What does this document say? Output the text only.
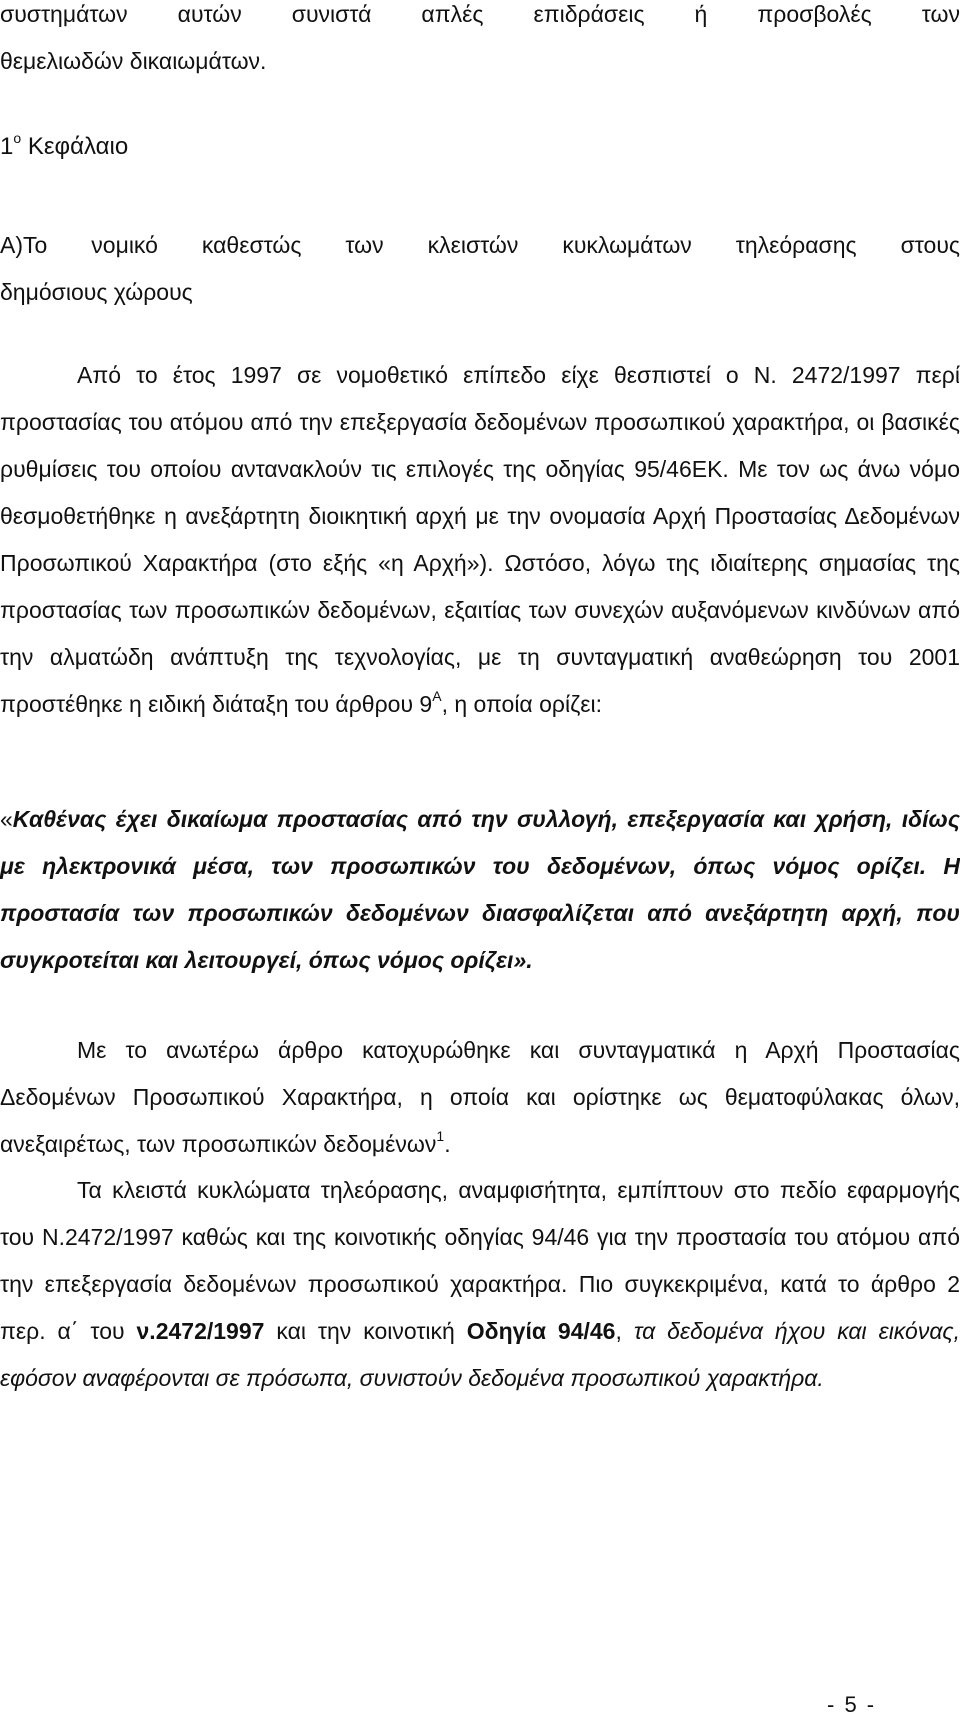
συστημάτων αυτών συνιστά απλές επιδράσεις ή προσβολές των

θεμελιωδών δικαιωμάτων.

$1^o$ Κεφάλαιο

Α)Το νομικό καθεστώς των κλειστών κυκλωμάτων τηλεόρασης στους

δημόσιους χώρους

Από το έτος 1997 σε νομοθετικό επίπεδο είχε θεσπιστεί ο Ν. 2472/1997 περί προστασίας του ατόμου από την επεξεργασία δεδομένων προσωπικού χαρακτήρα, οι βασικές ρυθμίσεις του οποίου αντανακλούν τις επιλογές της οδηγίας 95/46ΕΚ. Με τον ως άνω νόμο θεσμοθετήθηκε η ανεξάρτητη διοικητική αρχή με την ονομασία Αρχή Προστασίας Δεδομένων Προσωπικού Χαρακτήρα (στο εξής «η Αρχή»). Ωστόσο, λόγω της ιδιαίτερης σημασίας της προστασίας των προσωπικών δεδομένων, εξαιτίας των συνεχών αυξανόμενων κινδύνων από την αλματώδη ανάπτυξη της τεχνολογίας, με τη συνταγματική αναθεώρηση του 2001 προστέθηκε η ειδική διάταξη του άρθρου $9^A$, η οποία ορίζει:

«Καθένας έχει δικαίωμα προστασίας από την συλλογή, επεξεργασία και χρήση, ιδίως με ηλεκτρονικά μέσα, των προσωπικών του δεδομένων, όπως νόμος ορίζει. Η προστασία των προσωπικών δεδομένων διασφαλίζεται από ανεξάρτητη αρχή, που συγκροτείται και λειτουργεί, όπως νόμος ορίζει».

Με το ανωτέρω άρθρο κατοχυρώθηκε και συνταγματικά η Αρχή Προστασίας Δεδομένων Προσωπικού Χαρακτήρα, η οποία και ορίστηκε ως θεματοφύλακας όλων, ανεξαιρέτως, των προσωπικών δεδομένων$^1$.

Τα κλειστά κυκλώματα τηλεόρασης, αναμφισήτητα, εμπίπτουν στο πεδίο εφαρμογής του Ν.2472/1997 καθώς και της κοινοτικής οδηγίας 94/46 για την προστασία του ατόμου από την επεξεργασία δεδομένων προσωπικού χαρακτήρα. Πιο συγκεκριμένα, κατά το άρθρο 2 περ. α΄ του ν.2472/1997 και την κοινοτική Οδηγία 94/46, τα δεδομένα ήχου και εικόνας, εφόσον αναφέρονται σε πρόσωπα, συνιστούν δεδομένα προσωπικού χαρακτήρα.

- 5 -
